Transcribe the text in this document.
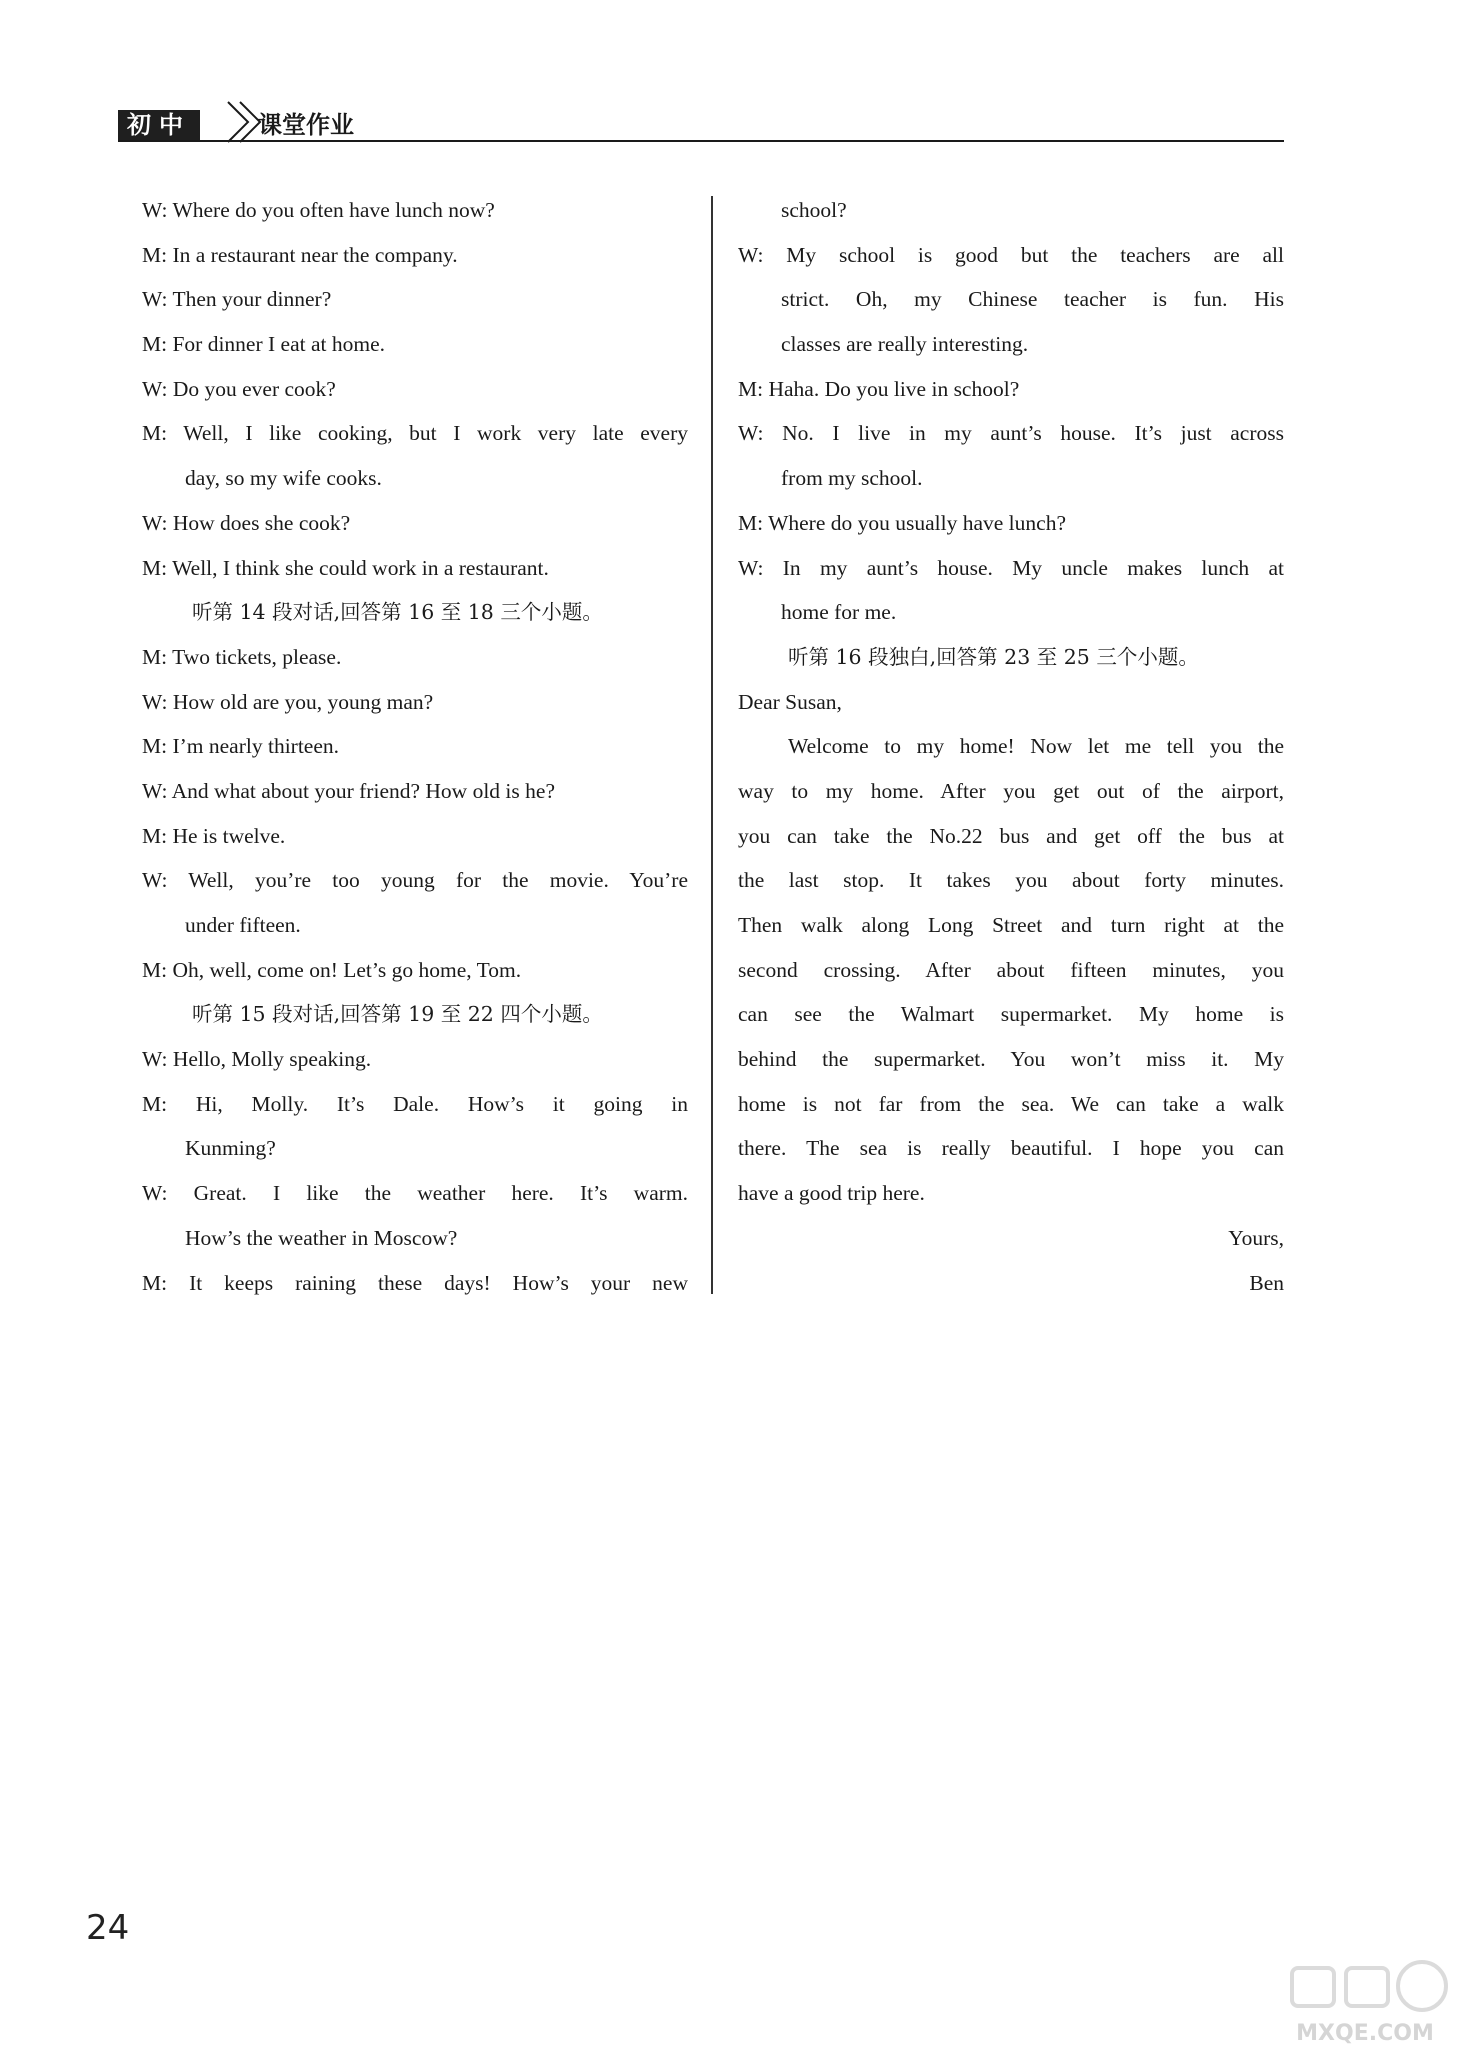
初中	课堂作业
W: Where do you often have lunch now?
M: In a restaurant near the company.
W: Then your dinner?
M: For dinner I eat at home.
W: Do you ever cook?
M: Well, I like cooking, but I work very late every
day, so my wife cooks.
W: How does she cook?
M: Well, I think she could work in a restaurant.
听第 14 段对话,回答第 16 至 18 三个小题。
M: Two tickets, please.
W: How old are you, young man?
M: I’m nearly thirteen.
W: And what about your friend? How old is he?
M: He is twelve.
W: Well, you’re too young for the movie. You’re
under fifteen.
M: Oh, well, come on! Let’s go home, Tom.
听第 15 段对话,回答第 19 至 22 四个小题。
W: Hello, Molly speaking.
M: Hi, Molly. It’s Dale. How’s it going in
Kunming?
W: Great. I like the weather here. It’s warm.
How’s the weather in Moscow?
M: It keeps raining these days! How’s your new
school?
W: My school is good but the teachers are all
strict. Oh, my Chinese teacher is fun. His
classes are really interesting.
M: Haha. Do you live in school?
W: No. I live in my aunt’s house. It’s just across
from my school.
M: Where do you usually have lunch?
W: In my aunt’s house. My uncle makes lunch at
home for me.
听第 16 段独白,回答第 23 至 25 三个小题。
Dear Susan,
Welcome to my home! Now let me tell you the
way to my home. After you get out of the airport,
you can take the No.22 bus and get off the bus at
the last stop. It takes you about forty minutes.
Then walk along Long Street and turn right at the
second crossing. After about fifteen minutes, you
can see the Walmart supermarket. My home is
behind the supermarket. You won’t miss it. My
home is not far from the sea. We can take a walk
there. The sea is really beautiful. I hope you can
have a good trip here.
Yours,
Ben
24
MXQE.COM
